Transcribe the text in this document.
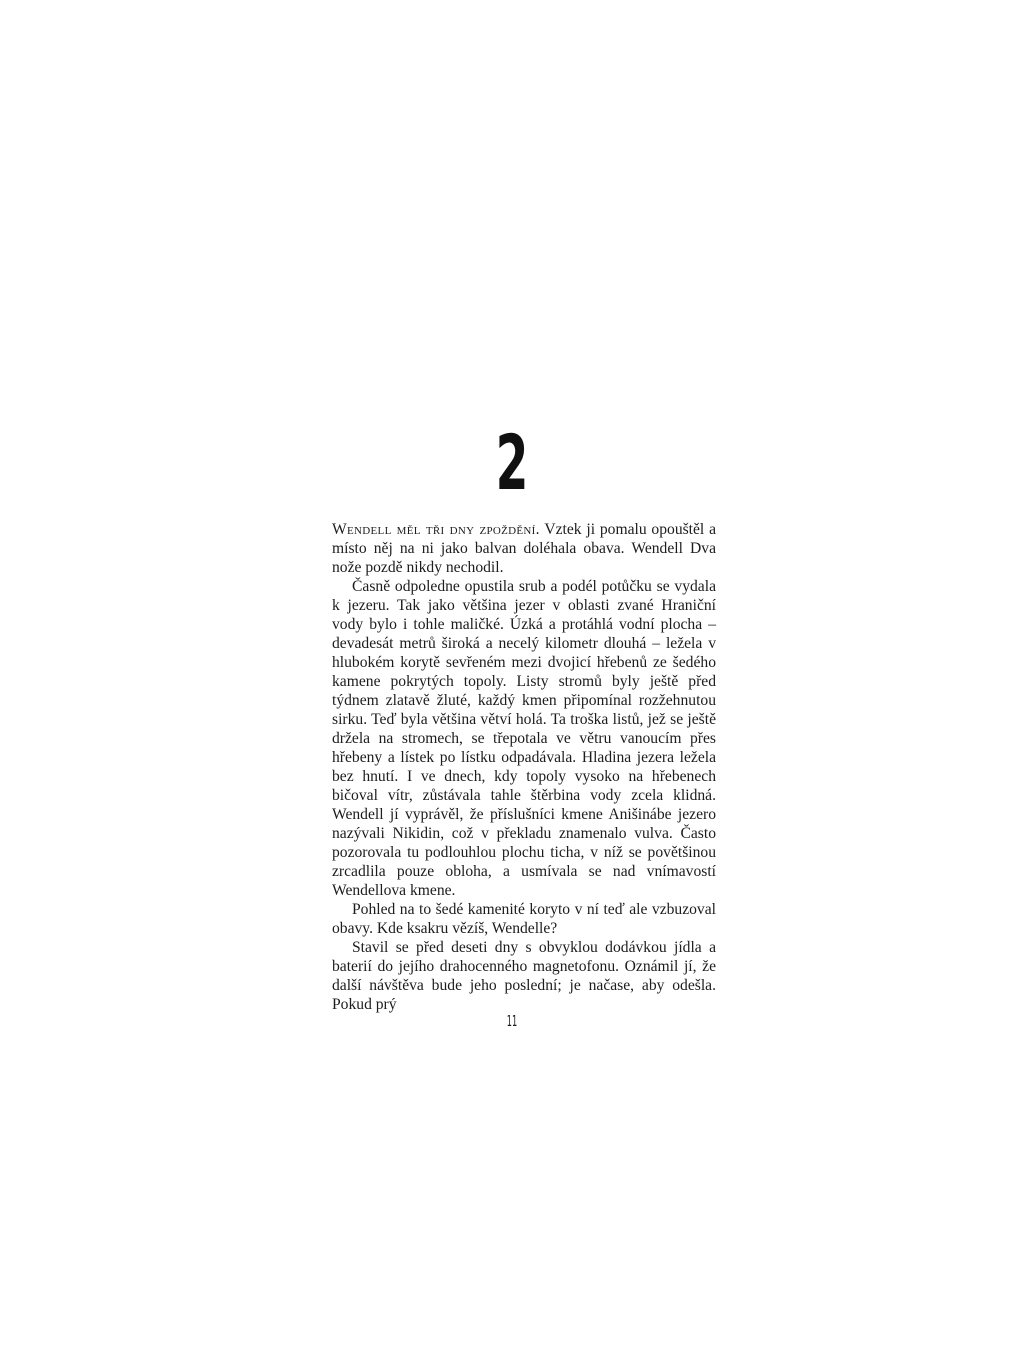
2

Wendell měl tři dny zpoždění. Vztek ji pomalu opouštěl a místo něj na ni jako balvan doléhala obava. Wendell Dva nože pozdě nikdy nechodil.

Časně odpoledne opustila srub a podél potůčku se vydala k jezeru. Tak jako většina jezer v oblasti zvané Hraniční vody bylo i tohle maličké. Úzká a protáhlá vodní plocha – devadesát metrů široká a necelý kilometr dlouhá – ležela v hlubokém korytě sevřeném mezi dvojicí hřebenů ze šedého kamene pokrytých topoly. Listy stromů byly ještě před týdnem zlatavě žluté, každý kmen připomínal rozžehnutou sirku. Teď byla většina větví holá. Ta troška listů, jež se ještě držela na stromech, se třepotala ve větru vanoucím přes hřebeny a lístek po lístku odpadávala. Hladina jezera ležela bez hnutí. I ve dnech, kdy topoly vysoko na hřebenech bičoval vítr, zůstávala tahle štěrbina vody zcela klidná. Wendell jí vyprávěl, že příslušníci kmene Anišinábe jezero nazývali Nikidin, což v překladu znamenalo vulva. Často pozorovala tu podlouhlou plochu ticha, v níž se povětšinou zrcadlila pouze obloha, a usmívala se nad vnímavostí Wendellova kmene.

Pohled na to šedé kamenité koryto v ní teď ale vzbuzoval obavy. Kde ksakru vězíš, Wendelle?

Stavil se před deseti dny s obvyklou dodávkou jídla a baterií do jejího drahocenného magnetofonu. Oznámil jí, že další návštěva bude jeho poslední; je načase, aby odešla. Pokud prý

11
